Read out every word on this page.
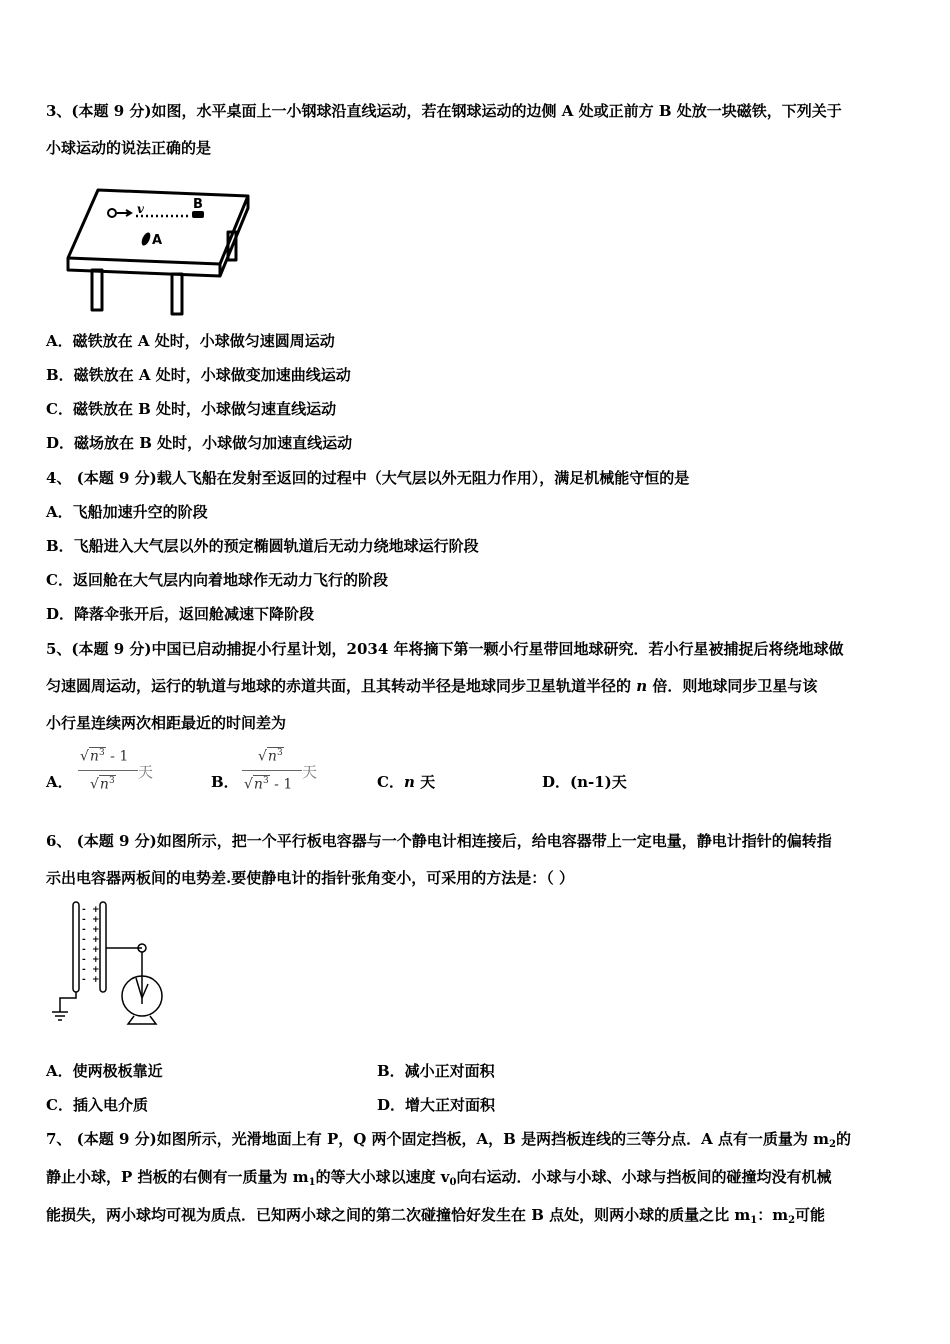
3、(本题 9 分)如图，水平桌面上一小钢球沿直线运动，若在钢球运动的边侧 A 处或正前方 B 处放一块磁铁，下列关于
小球运动的说法正确的是
v	B
A
A．磁铁放在 A 处时，小球做匀速圆周运动
B．磁铁放在 A 处时，小球做变加速曲线运动
C．磁铁放在 B 处时，小球做匀速直线运动
D．磁场放在 B 处时，小球做匀加速直线运动
4、 (本题 9 分)载人飞船在发射至返回的过程中（大气层以外无阻力作用），满足机械能守恒的是
A．飞船加速升空的阶段
B．飞船进入大气层以外的预定椭圆轨道后无动力绕地球运行阶段
C．返回舱在大气层内向着地球作无动力飞行的阶段
D．降落伞张开后，返回舱减速下降阶段
5、(本题 9 分)中国已启动捕捉小行星计划，2034 年将摘下第一颗小行星带回地球研究．若小行星被捕捉后将绕地球做
匀速圆周运动，运行的轨道与地球的赤道共面，且其转动半径是地球同步卫星轨道半径的 n 倍．则地球同步卫星与该
小行星连续两次相距最近的时间差为
A．
$√n^3 - 1$
$√n^3$ 天
B．
$√n^3$
$√n^3 - 1$
天
C．n 天	D．(n-1)天
6、 (本题 9 分)如图所示，把一个平行板电容器与一个静电计相连接后，给电容器带上一定电量，静电计指针的偏转指
示出电容器两板间的电势差.要使静电计的指针张角变小，可采用的方法是：（ ）
-
-
-
-
-
-
-
-
+
+
+
+
+
+
+
+
A．使两极板靠近	B．减小正对面积
C．插入电介质	D．增大正对面积
7、 (本题 9 分)如图所示，光滑地面上有 P，Q 两个固定挡板，A，B 是两挡板连线的三等分点．A 点有一质量为 $m_2$的
静止小球，P 挡板的右侧有一质量为 $m_1$的等大小球以速度 $v_0$向右运动．小球与小球、小球与挡板间的碰撞均没有机械
能损失，两小球均可视为质点．已知两小球之间的第二次碰撞恰好发生在 B 点处，则两小球的质量之比 $m_1$：$m_2$可能
